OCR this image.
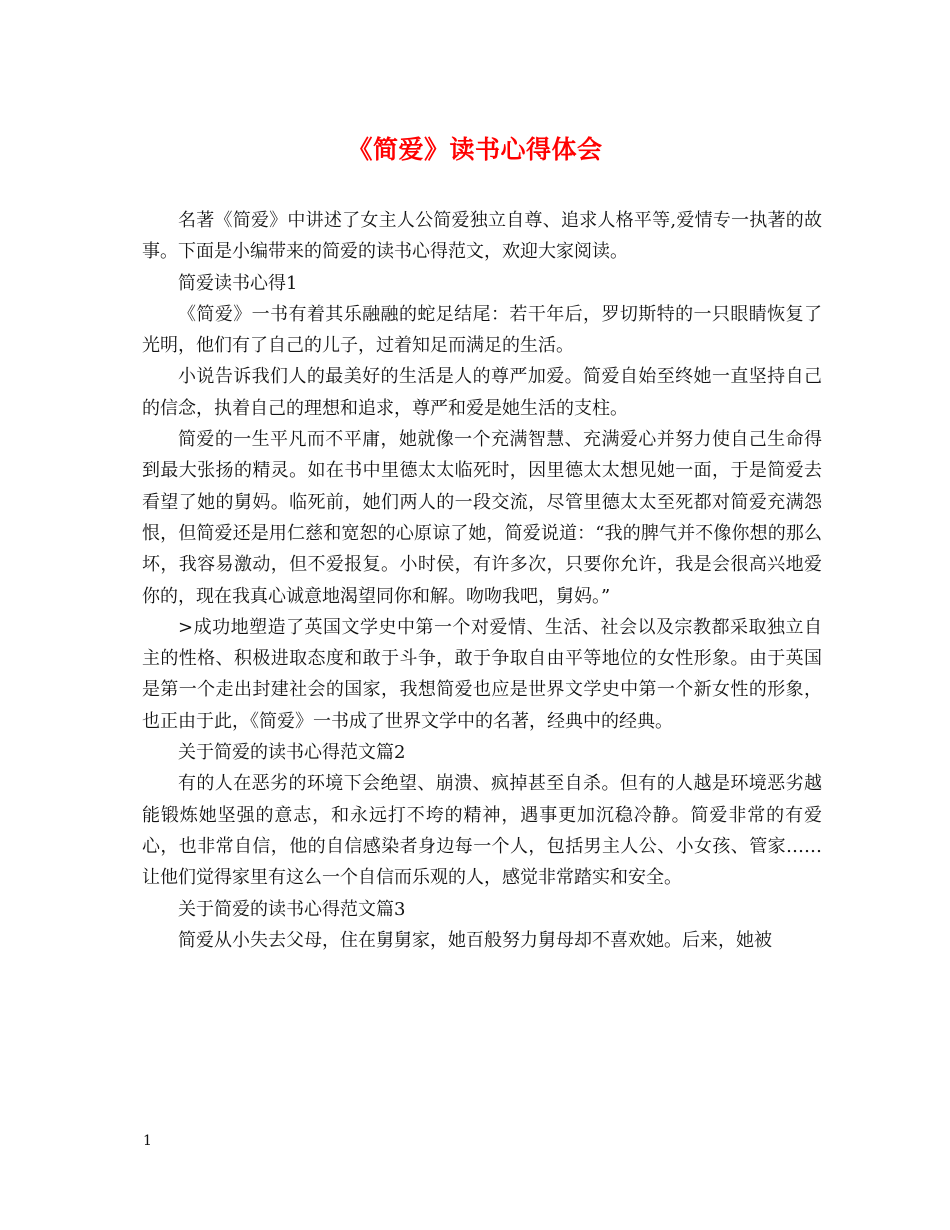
《简爱》读书心得体会

名著《简爱》中讲述了女主人公简爱独立自尊、追求人格平等,爱情专一执著的故事。下面是小编带来的简爱的读书心得范文，欢迎大家阅读。

简爱读书心得1

《简爱》一书有着其乐融融的蛇足结尾：若干年后，罗切斯特的一只眼睛恢复了光明，他们有了自己的儿子，过着知足而满足的生活。

小说告诉我们人的最美好的生活是人的尊严加爱。简爱自始至终她一直坚持自己的信念，执着自己的理想和追求，尊严和爱是她生活的支柱。

简爱的一生平凡而不平庸，她就像一个充满智慧、充满爱心并努力使自己生命得到最大张扬的精灵。如在书中里德太太临死时，因里德太太想见她一面，于是简爱去看望了她的舅妈。临死前，她们两人的一段交流，尽管里德太太至死都对简爱充满怨恨，但简爱还是用仁慈和宽恕的心原谅了她，简爱说道：“我的脾气并不像你想的那么坏，我容易激动，但不爱报复。小时侯，有许多次，只要你允许，我是会很高兴地爱你的，现在我真心诚意地渴望同你和解。吻吻我吧，舅妈。”

>成功地塑造了英国文学史中第一个对爱情、生活、社会以及宗教都采取独立自主的性格、积极进取态度和敢于斗争，敢于争取自由平等地位的女性形象。由于英国是第一个走出封建社会的国家，我想简爱也应是世界文学史中第一个新女性的形象，也正由于此，《简爱》一书成了世界文学中的名著，经典中的经典。

关于简爱的读书心得范文篇2

有的人在恶劣的环境下会绝望、崩溃、疯掉甚至自杀。但有的人越是环境恶劣越能锻炼她坚强的意志，和永远打不垮的精神，遇事更加沉稳冷静。简爱非常的有爱心，也非常自信，他的自信感染者身边每一个人，包括男主人公、小女孩、管家……让他们觉得家里有这么一个自信而乐观的人，感觉非常踏实和安全。

关于简爱的读书心得范文篇3

简爱从小失去父母，住在舅舅家，她百般努力舅母却不喜欢她。后来，她被

1
